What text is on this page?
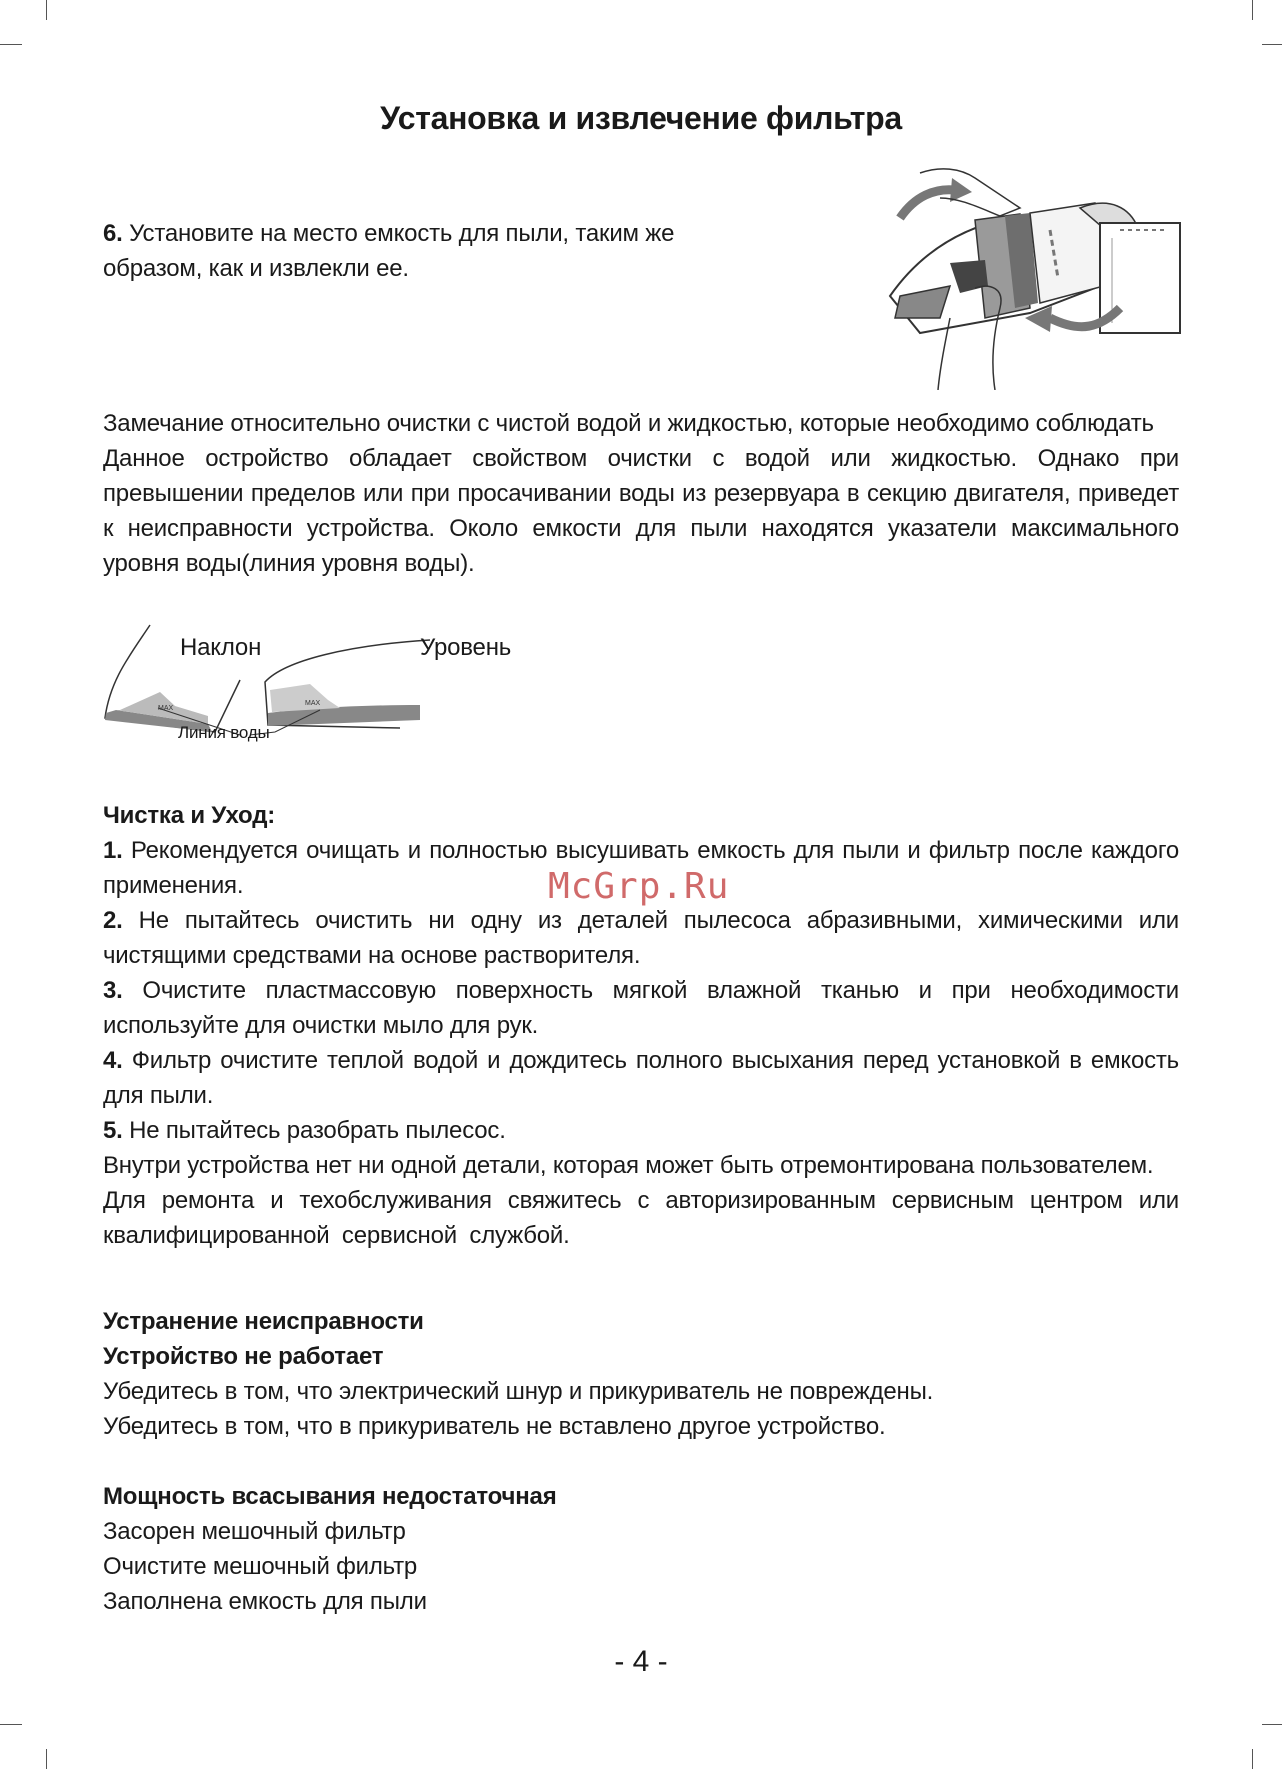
Установка и извлечение фильтра
6. Установите на место емкость для пыли, таким же образом, как и извлекли ее.

Замечание относительно очистки с чистой водой и жидкостью, которые необходимо соблюдать

Данное остройство обладает свойством очистки с водой или жидкостью. Однако при превышении пределов или при просачивании воды из резервуара в секцию двигателя, приведет к неисправности устройства. Около емкости для пыли находятся указатели максимального уровня воды(линия уровня воды).

MAX
MAX
Наклон	Уровень
Линия воды

Чистка и Уход:

1. Рекомендуется очищать и полностью высушивать емкость для пыли и фильтр после каждого применения.

2. Не пытайтесь очистить ни одну из деталей пылесоса абразивными, химическими или чистящими средствами на основе растворителя.

3. Очистите пластмассовую поверхность мягкой влажной тканью и при необходимости используйте для очистки мыло для рук.

4. Фильтр очистите теплой водой и дождитесь полного высыхания перед установкой в емкость для пыли.

5. Не пытайтесь разобрать пылесос.

Внутри устройства нет ни одной детали, которая может быть отремонтирована пользователем.

Для ремонта и техобслуживания свяжитесь с авторизированным сервисным центром или квалифицированной сервисной службой.

McGrp.Ru

Устранение неисправности

Устройство не работает

Убедитесь в том, что электрический шнур и прикуриватель не повреждены.

Убедитесь в том, что в прикуриватель не вставлено другое устройство.

Мощность всасывания недостаточная

Засорен мешочный фильтр

Очистите мешочный фильтр

Заполнена емкость для пыли

- 4 -
